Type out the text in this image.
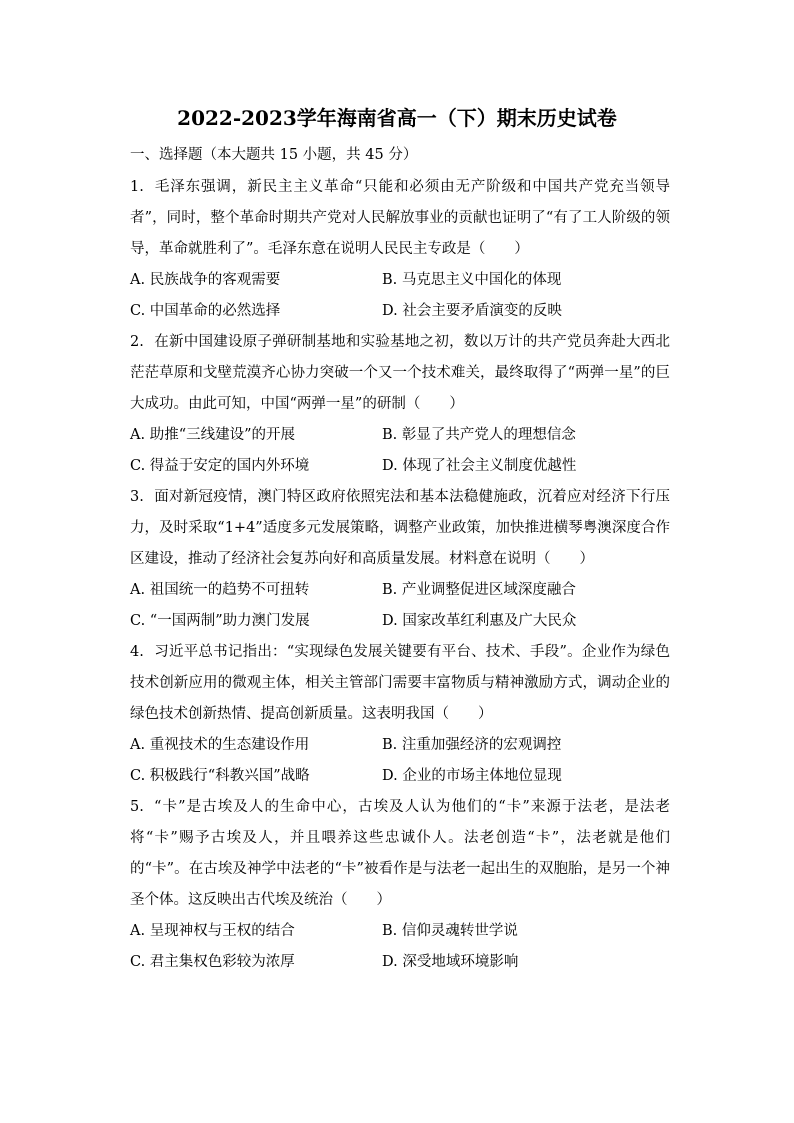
2022-2023学年海南省高一（下）期末历史试卷
一、选择题（本大题共 15 小题，共 45 分）
1. 毛泽东强调，新民主主义革命“只能和必须由无产阶级和中国共产党充当领导者”，同时，整个革命时期共产党对人民解放事业的贡献也证明了“有了工人阶级的领导，革命就胜利了”。毛泽东意在说明人民民主专政是（　　）
A. 民族战争的客观需要	B. 马克思主义中国化的体现
C. 中国革命的必然选择	D. 社会主要矛盾演变的反映
2. 在新中国建设原子弹研制基地和实验基地之初，数以万计的共产党员奔赴大西北茫茫草原和戈壁荒漠齐心协力突破一个又一个技术难关，最终取得了“两弹一星”的巨大成功。由此可知，中国“两弹一星”的研制（　　）
A. 助推“三线建设”的开展	B. 彰显了共产党人的理想信念
C. 得益于安定的国内外环境	D. 体现了社会主义制度优越性
3. 面对新冠疫情，澳门特区政府依照宪法和基本法稳健施政，沉着应对经济下行压力，及时采取“1+4”适度多元发展策略，调整产业政策，加快推进横琴粤澳深度合作区建设，推动了经济社会复苏向好和高质量发展。材料意在说明（　　）
A. 祖国统一的趋势不可扭转	B. 产业调整促进区域深度融合
C. “一国两制”助力澳门发展	D. 国家改革红利惠及广大民众
4. 习近平总书记指出：“实现绿色发展关键要有平台、技术、手段”。企业作为绿色技术创新应用的微观主体，相关主管部门需要丰富物质与精神激励方式，调动企业的绿色技术创新热情、提高创新质量。这表明我国（　　）
A. 重视技术的生态建设作用	B. 注重加强经济的宏观调控
C. 积极践行“科教兴国”战略	D. 企业的市场主体地位显现
5. “卡”是古埃及人的生命中心，古埃及人认为他们的“卡”来源于法老，是法老将“卡”赐予古埃及人，并且喂养这些忠诚仆人。法老创造“卡”，法老就是他们的“卡”。在古埃及神学中法老的“卡”被看作是与法老一起出生的双胞胎，是另一个神圣个体。这反映出古代埃及统治（　　）
A. 呈现神权与王权的结合	B. 信仰灵魂转世学说
C. 君主集权色彩较为浓厚	D. 深受地域环境影响
